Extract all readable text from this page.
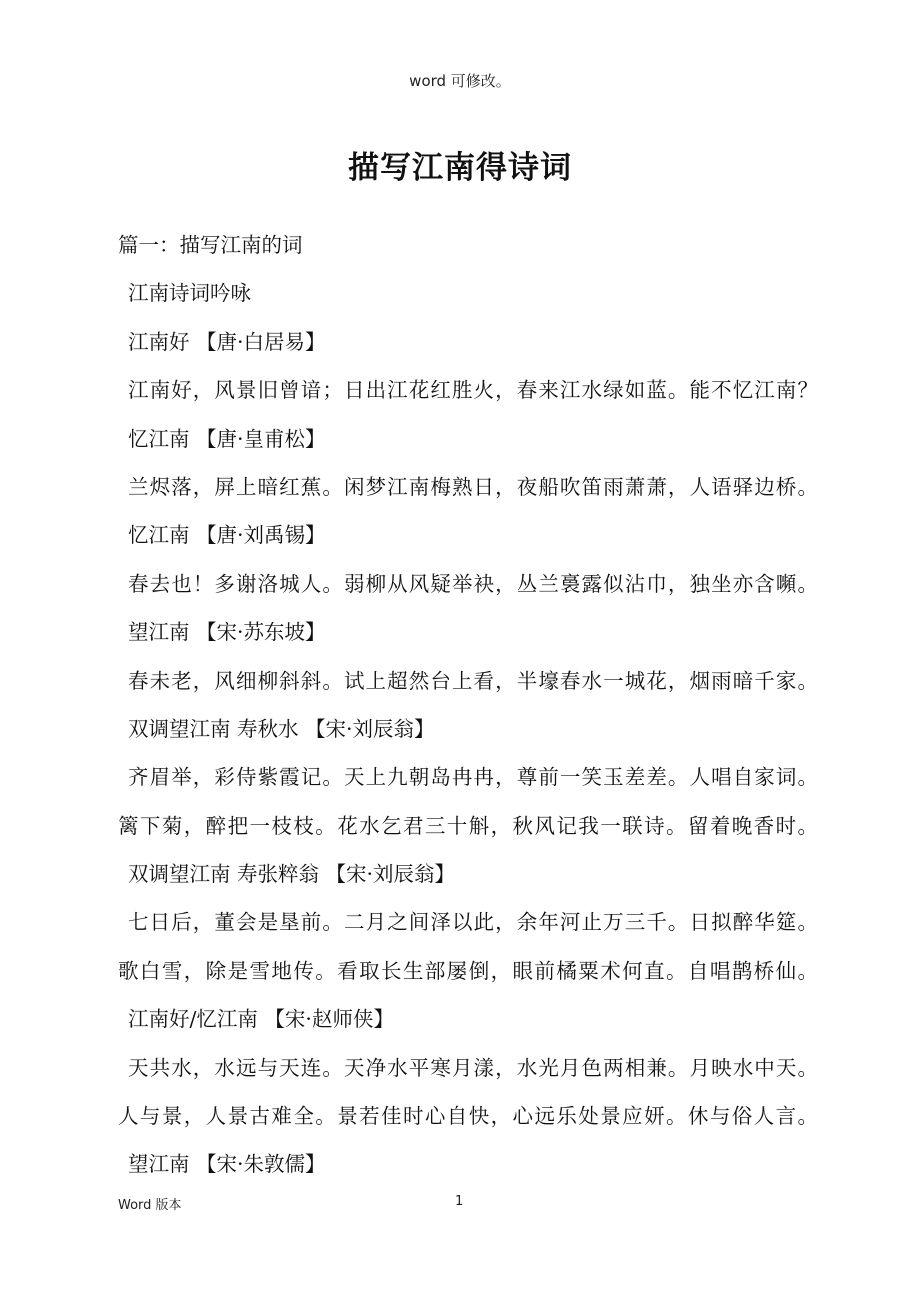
word 可修改。
描写江南得诗词
篇一：描写江南的词
江南诗词吟咏
江南好 【唐·白居易】
江南好，风景旧曾谙；日出江花红胜火，春来江水绿如蓝。能不忆江南？
忆江南 【唐·皇甫松】
兰烬落，屏上暗红蕉。闲梦江南梅熟日，夜船吹笛雨萧萧，人语驿边桥。
忆江南 【唐·刘禹锡】
春去也！多谢洛城人。弱柳从风疑举袂，丛兰裛露似沾巾，独坐亦含嚬。
望江南 【宋·苏东坡】
春未老，风细柳斜斜。试上超然台上看，半壕春水一城花，烟雨暗千家。
双调望江南 寿秋水 【宋·刘辰翁】
齐眉举，彩侍紫霞记。天上九朝岛冉冉，尊前一笑玉差差。人唱自家词。
篱下菊，醉把一枝枝。花水乞君三十斛，秋风记我一联诗。留着晚香时。
双调望江南 寿张粹翁 【宋·刘辰翁】
七日后，董会是垦前。二月之间泽以此，余年河止万三千。日拟醉华筵。
歌白雪，除是雪地传。看取长生部屡倒，眼前橘粟术何直。自唱鹊桥仙。
江南好/忆江南 【宋·赵师侠】
天共水，水远与天连。天净水平寒月漾，水光月色两相兼。月映水中天。
人与景，人景古难全。景若佳时心自快，心远乐处景应妍。休与俗人言。
望江南 【宋·朱敦儒】
Word 版本	1
